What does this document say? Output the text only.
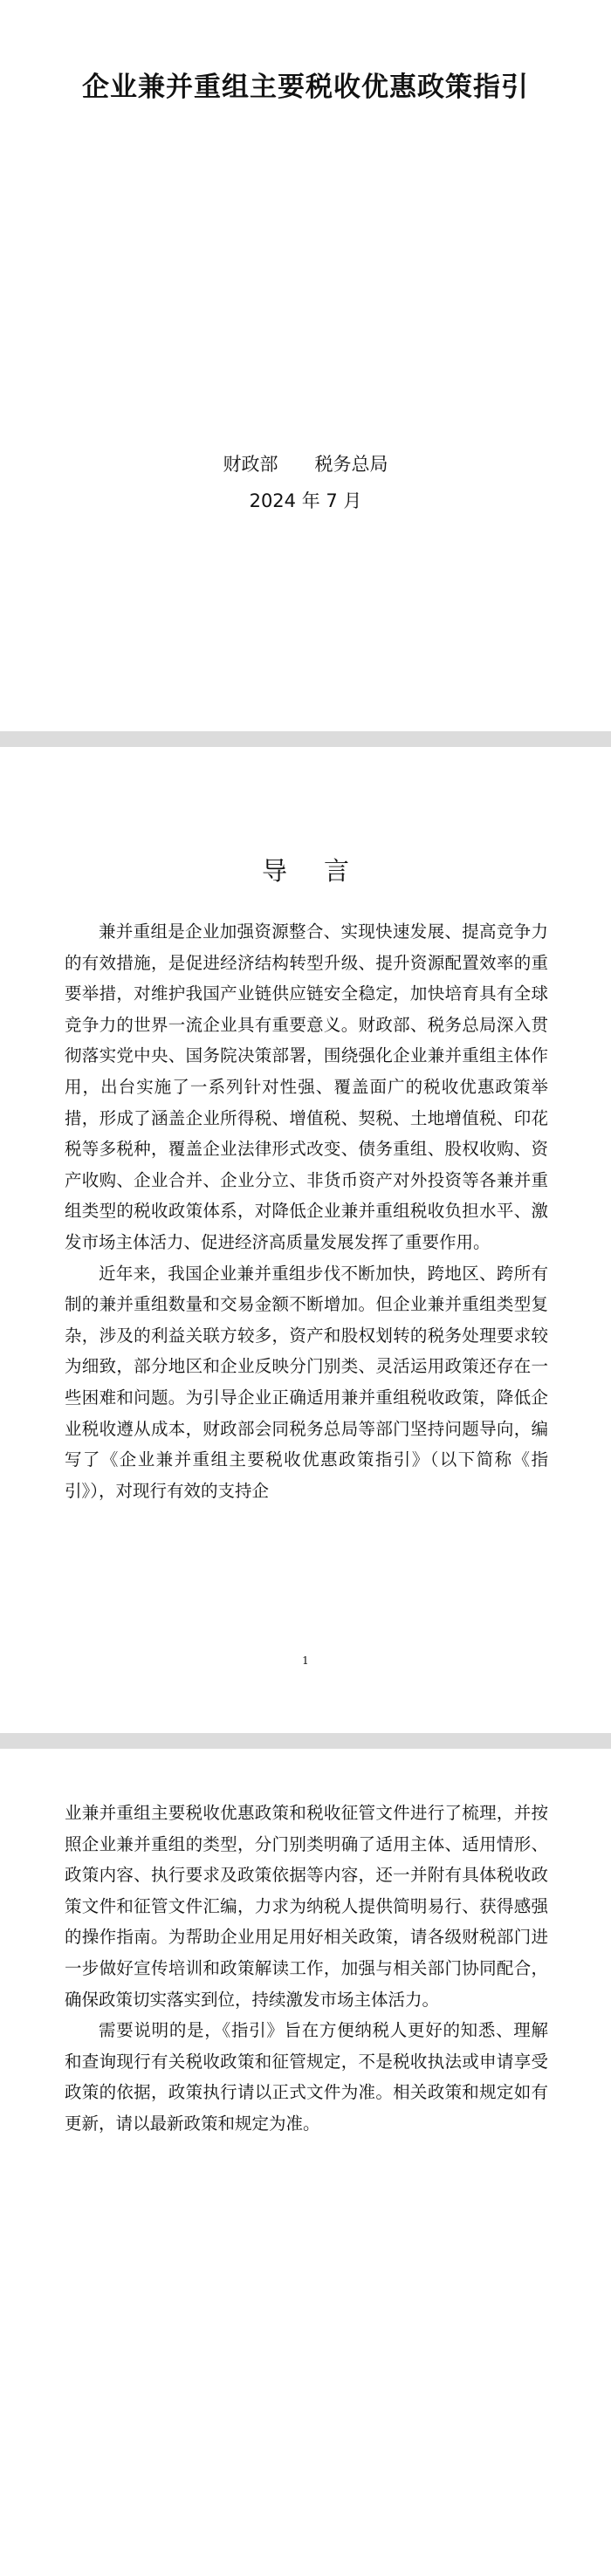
企业兼并重组主要税收优惠政策指引
财政部　　税务总局
2024 年 7 月
导言

兼并重组是企业加强资源整合、实现快速发展、提高竞争力的有效措施，是促进经济结构转型升级、提升资源配置效率的重要举措，对维护我国产业链供应链安全稳定，加快培育具有全球竞争力的世界一流企业具有重要意义。财政部、税务总局深入贯彻落实党中央、国务院决策部署，围绕强化企业兼并重组主体作用，出台实施了一系列针对性强、覆盖面广的税收优惠政策举措，形成了涵盖企业所得税、增值税、契税、土地增值税、印花税等多税种，覆盖企业法律形式改变、债务重组、股权收购、资产收购、企业合并、企业分立、非货币资产对外投资等各兼并重组类型的税收政策体系，对降低企业兼并重组税收负担水平、激发市场主体活力、促进经济高质量发展发挥了重要作用。

近年来，我国企业兼并重组步伐不断加快，跨地区、跨所有制的兼并重组数量和交易金额不断增加。但企业兼并重组类型复杂，涉及的利益关联方较多，资产和股权划转的税务处理要求较为细致，部分地区和企业反映分门别类、灵活运用政策还存在一些困难和问题。为引导企业正确适用兼并重组税收政策，降低企业税收遵从成本，财政部会同税务总局等部门坚持问题导向，编写了《企业兼并重组主要税收优惠政策指引》（以下简称《指引》），对现行有效的支持企

1

业兼并重组主要税收优惠政策和税收征管文件进行了梳理，并按照企业兼并重组的类型，分门别类明确了适用主体、适用情形、政策内容、执行要求及政策依据等内容，还一并附有具体税收政策文件和征管文件汇编，力求为纳税人提供简明易行、获得感强的操作指南。为帮助企业用足用好相关政策，请各级财税部门进一步做好宣传培训和政策解读工作，加强与相关部门协同配合，确保政策切实落实到位，持续激发市场主体活力。

需要说明的是，《指引》旨在方便纳税人更好的知悉、理解和查询现行有关税收政策和征管规定，不是税收执法或申请享受政策的依据，政策执行请以正式文件为准。相关政策和规定如有更新，请以最新政策和规定为准。
